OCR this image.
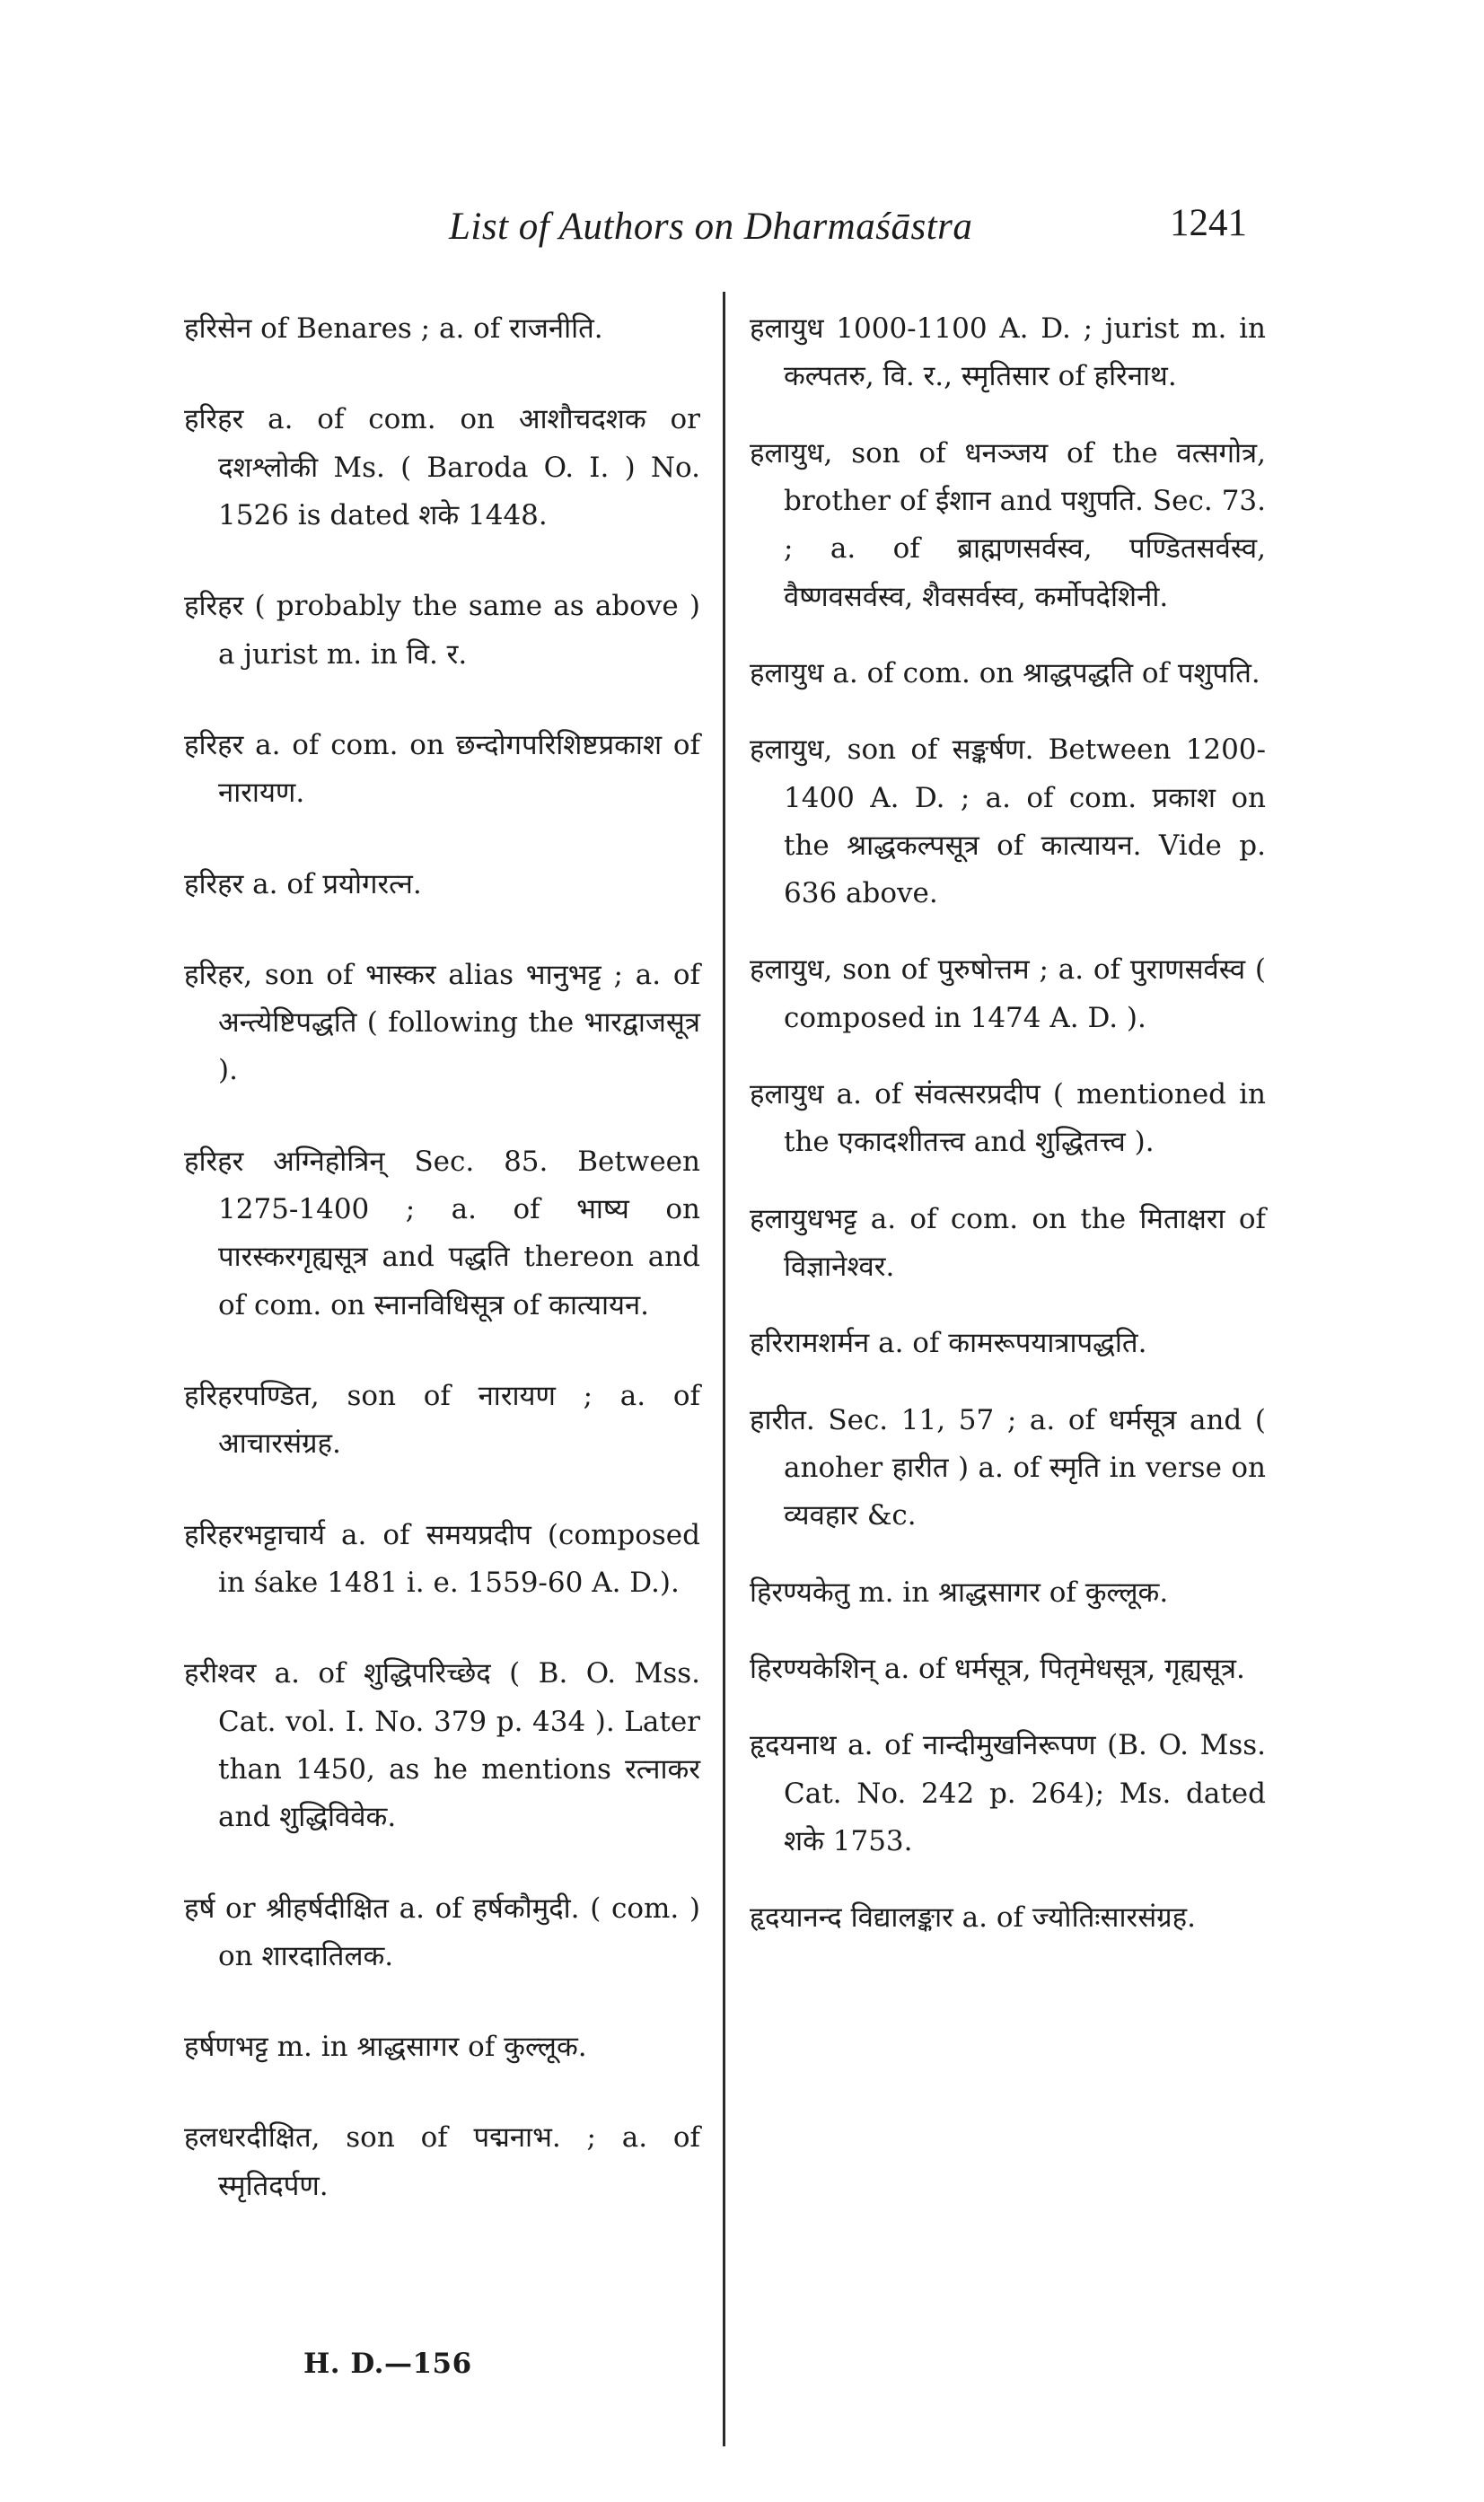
List of Authors on Dharmaśāstra	1241

हरिसेन of Benares ; a. of राजनीति.

हरिहर a. of com. on आशौचदशक or दशश्लोकी Ms. ( Baroda O. I. ) No. 1526 is dated शके 1448.

हरिहर ( probably the same as above ) a jurist m. in वि. र.

हरिहर a. of com. on छन्दोगपरिशिष्टप्रकाश of नारायण.

हरिहर a. of प्रयोगरत्न.

हरिहर, son of भास्कर alias भानुभट्ट ; a. of अन्त्येष्टिपद्धति ( following the भारद्वाजसूत्र ).

हरिहर अग्निहोत्रिन् Sec. 85. Between 1275-1400 ; a. of भाष्य on पारस्करगृह्यसूत्र and पद्धति thereon and of com. on स्नानविधिसूत्र of कात्यायन.

हरिहरपण्डित, son of नारायण ; a. of आचारसंग्रह.

हरिहरभट्टाचार्य a. of समयप्रदीप (composed in śake 1481 i. e. 1559-60 A. D.).

हरीश्वर a. of शुद्धिपरिच्छेद ( B. O. Mss. Cat. vol. I. No. 379 p. 434 ). Later than 1450, as he mentions रत्नाकर and शुद्धिविवेक.

हर्ष or श्रीहर्षदीक्षित a. of हर्षकौमुदी. ( com. ) on शारदातिलक.

हर्षणभट्ट m. in श्राद्धसागर of कुल्लूक.

हलधरदीक्षित, son of पद्मनाभ. ; a. of स्मृतिदर्पण.

हलायुध 1000-1100 A. D. ; jurist m. in कल्पतरु, वि. र., स्मृतिसार of हरिनाथ.

हलायुध, son of धनञ्जय of the वत्सगोत्र, brother of ईशान and पशुपति. Sec. 73. ; a. of ब्राह्मणसर्वस्व, पण्डितसर्वस्व, वैष्णवसर्वस्व, शैवसर्वस्व, कर्मोपदेशिनी.

हलायुध a. of com. on श्राद्धपद्धति of पशुपति.

हलायुध, son of सङ्कर्षण. Between 1200-1400 A. D. ; a. of com. प्रकाश on the श्राद्धकल्पसूत्र of कात्यायन. Vide p. 636 above.

हलायुध, son of पुरुषोत्तम ; a. of पुराणसर्वस्व ( composed in 1474 A. D. ).

हलायुध a. of संवत्सरप्रदीप ( mentioned in the एकादशीतत्त्व and शुद्धितत्त्व ).

हलायुधभट्ट a. of com. on the मिताक्षरा of विज्ञानेश्वर.

हरिरामशर्मन a. of कामरूपयात्रापद्धति.

हारीत. Sec. 11, 57 ; a. of धर्मसूत्र and ( anoher हारीत ) a. of स्मृति in verse on व्यवहार &c.

हिरण्यकेतु m. in श्राद्धसागर of कुल्लूक.

हिरण्यकेशिन् a. of धर्मसूत्र, पितृमेधसूत्र, गृह्यसूत्र.

हृदयनाथ a. of नान्दीमुखनिरूपण (B. O. Mss. Cat. No. 242 p. 264); Ms. dated शके 1753.

हृदयानन्द विद्यालङ्कार a. of ज्योतिःसारसंग्रह.

H. D.—156
